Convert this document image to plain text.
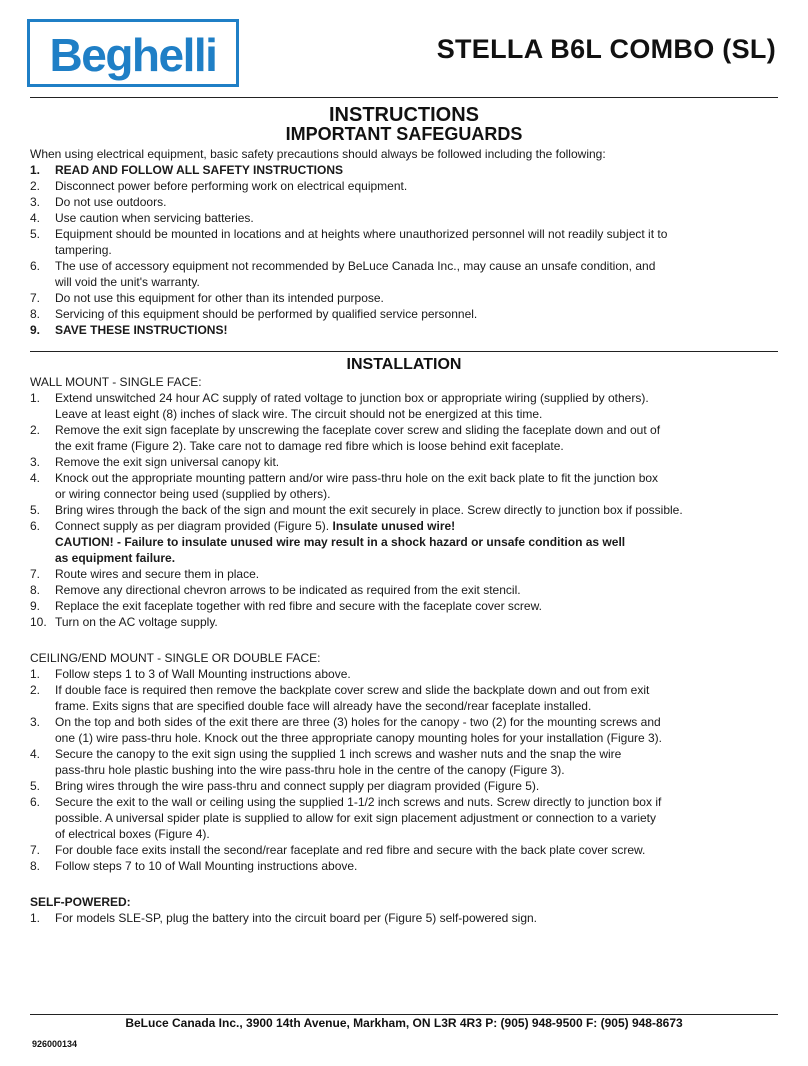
Beghelli	STELLA B6L COMBO (SL)
INSTRUCTIONS
IMPORTANT SAFEGUARDS
When using electrical equipment, basic safety precautions should always be followed including the following:
1.	READ AND FOLLOW ALL SAFETY INSTRUCTIONS
2.	Disconnect power before performing work on electrical equipment.
3.	Do not use outdoors.
4.	Use caution when servicing batteries.
5.	Equipment should be mounted in locations and at heights where unauthorized personnel will not readily subject it to
tampering.
6.	The use of accessory equipment not recommended by BeLuce Canada Inc., may cause an unsafe condition, and
will void the unit's warranty.
7.	Do not use this equipment for other than its intended purpose.
8.	Servicing of this equipment should be performed by qualified service personnel.
9.	SAVE THESE INSTRUCTIONS!
INSTALLATION
WALL MOUNT - SINGLE FACE:
1.	Extend unswitched 24 hour AC supply of rated voltage to junction box or appropriate wiring (supplied by others).
Leave at least eight (8) inches of slack wire. The circuit should not be energized at this time.
2.	Remove the exit sign faceplate by unscrewing the faceplate cover screw and sliding the faceplate down and out of
the exit frame (Figure 2). Take care not to damage red fibre which is loose behind exit faceplate.
3.	Remove the exit sign universal canopy kit.
4.	Knock out the appropriate mounting pattern and/or wire pass-thru hole on the exit back plate to fit the junction box
or wiring connector being used (supplied by others).
5.	Bring wires through the back of the sign and mount the exit securely in place. Screw directly to junction box if possible.
6.	Connect supply as per diagram provided (Figure 5). Insulate unused wire!
CAUTION! - Failure to insulate unused wire may result in a shock hazard or unsafe condition as well
as equipment failure.
7.	Route wires and secure them in place.
8.	Remove any directional chevron arrows to be indicated as required from the exit stencil.
9.	Replace the exit faceplate together with red fibre and secure with the faceplate cover screw.
10. Turn on the AC voltage supply.
CEILING/END MOUNT - SINGLE OR DOUBLE FACE:
1.	Follow steps 1 to 3 of Wall Mounting instructions above.
2.	If double face is required then remove the backplate cover screw and slide the backplate down and out from exit
frame. Exits signs that are specified double face will already have the second/rear faceplate installed.
3.	On the top and both sides of the exit there are three (3) holes for the canopy - two (2) for the mounting screws and
one (1) wire pass-thru hole. Knock out the three appropriate canopy mounting holes for your installation (Figure 3).
4.	Secure the canopy to the exit sign using the supplied 1 inch screws and washer nuts and the snap the wire
pass-thru hole plastic bushing into the wire pass-thru hole in the centre of the canopy (Figure 3).
5.	Bring wires through the wire pass-thru and connect supply per diagram provided (Figure 5).
6.	Secure the exit to the wall or ceiling using the supplied 1-1/2 inch screws and nuts. Screw directly to junction box if
possible. A universal spider plate is supplied to allow for exit sign placement adjustment or connection to a variety
of electrical boxes (Figure 4).
7.	For double face exits install the second/rear faceplate and red fibre and secure with the back plate cover screw.
8.	Follow steps 7 to 10 of Wall Mounting instructions above.
SELF-POWERED:
1.	For models SLE-SP, plug the battery into the circuit board per (Figure 5) self-powered sign.
BeLuce Canada Inc., 3900 14th Avenue, Markham, ON L3R 4R3 P: (905) 948-9500 F: (905) 948-8673
926000134
